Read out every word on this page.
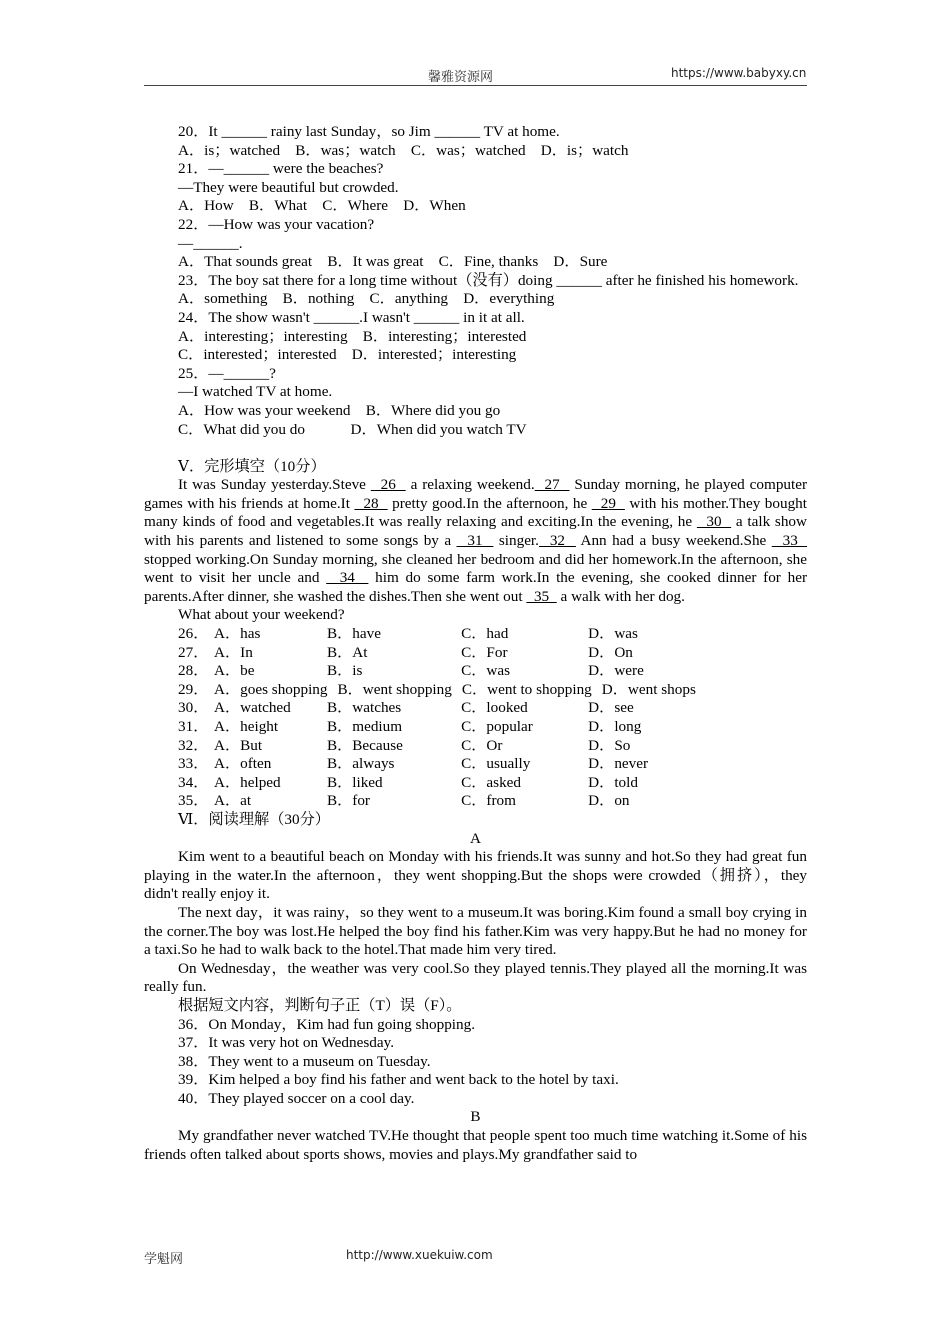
馨雅资源网	https://www.babyxy.cn
20．It ______ rainy last Sunday，so Jim ______ TV at home.
A．is；watched　B．was；watch　C．was；watched　D．is；watch
21．—______ were the beaches?
—They were beautiful but crowded.
A．How　B．What　C．Where　D．When
22．—How was your vacation?
—______.
A．That sounds great　B．It was great　C．Fine, thanks　D．Sure
23．The boy sat there for a long time without（没有）doing ______ after he finished his homework.
A．something　B．nothing　C．anything　D．everything
24．The show wasn't ______.I wasn't ______ in it at all.
A．interesting；interesting　B．interesting；interested
C．interested；interested　D．interested；interesting
25．—______?
—I watched TV at home.
A．How was your weekend　B．Where did you go
C．What did you do　　　D．When did you watch TV
Ⅴ．完形填空（10分）
It was Sunday yesterday.Steve   26   a relaxing weekend.  27   Sunday morning, he played computer games with his friends at home.It   28   pretty good.In the afternoon, he   29   with his mother.They bought many kinds of food and vegetables.It was really relaxing and exciting.In the evening, he   30   a talk show with his parents and listened to some songs by a   31   singer.  32   Ann had a busy weekend.She   33   stopped working.On Sunday morning, she cleaned her bedroom and did her homework.In the afternoon, she went to visit her uncle and   34   him do some farm work.In the evening, she cooked dinner for her parents.After dinner, she washed the dishes.Then she went out   35   a walk with her dog.
What about your weekend?
26．	A．has	B．have	C．had	D．was
27．	A．In	B．At	C．For	D．On
28．	A．be	B．is	C．was	D．were
29．	A．goes shopping B．went shopping C．went to shopping D．went shops			
30．	A．watched	B．watches	C．looked	D．see
31．	A．height	B．medium	C．popular	D．long
32．	A．But	B．Because	C．Or	D．So
33．	A．often	B．always	C．usually	D．never
34．	A．helped	B．liked	C．asked	D．told
35．	A．at	B．for	C．from	D．on
Ⅵ．阅读理解（30分）
A
Kim went to a beautiful beach on Monday with his friends.It was sunny and hot.So they had great fun playing in the water.In the afternoon，they went shopping.But the shops were crowded（拥挤），they didn't really enjoy it.
The next day，it was rainy，so they went to a museum.It was boring.Kim found a small boy crying in the corner.The boy was lost.He helped the boy find his father.Kim was very happy.But he had no money for a taxi.So he had to walk back to the hotel.That made him very tired.
On Wednesday，the weather was very cool.So they played tennis.They played all the morning.It was really fun.
根据短文内容，判断句子正（T）误（F）。
36．On Monday，Kim had fun going shopping.
37．It was very hot on Wednesday.
38．They went to a museum on Tuesday.
39．Kim helped a boy find his father and went back to the hotel by taxi.
40．They played soccer on a cool day.
B
My grandfather never watched TV.He thought that people spent too much time watching it.Some of his friends often talked about sports shows, movies and plays.My grandfather said to
学魁网	http://www.xuekuiw.com
